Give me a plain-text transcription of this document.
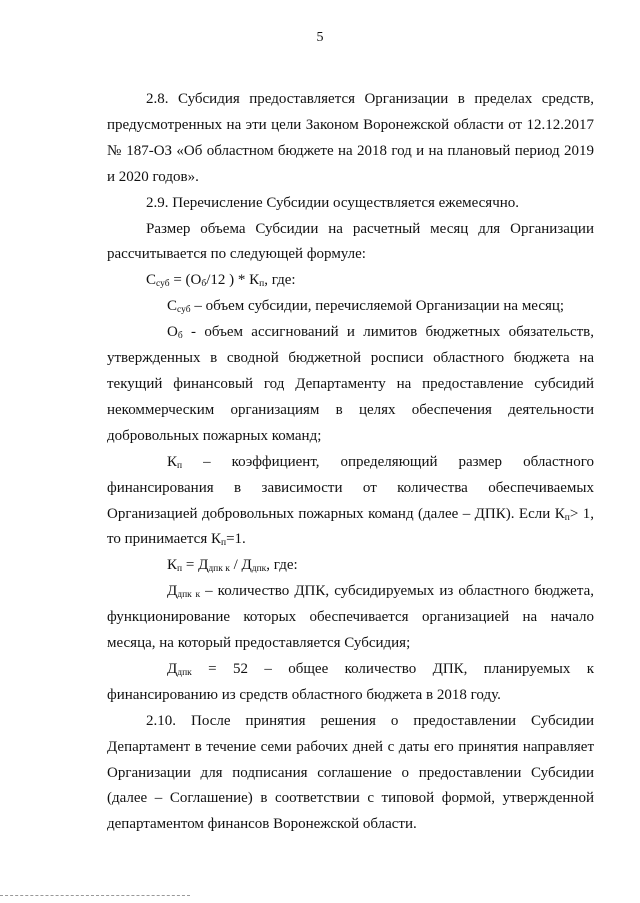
5

2.8. Субсидия предоставляется Организации в пределах средств, предусмотренных на эти цели Законом Воронежской области от 12.12.2017 № 187-ОЗ «Об областном бюджете на 2018 год и на плановый период 2019 и 2020 годов».

2.9. Перечисление Субсидии осуществляется ежемесячно.

Размер объема Субсидии на расчетный месяц для Организации рассчитывается по следующей формуле:

$С_{суб} = (О_б/12$ ) * $К_п$, где:

$С_{суб}$ – объем субсидии, перечисляемой Организации на месяц;

$О_б$ - объем ассигнований и лимитов бюджетных обязательств, утвержденных в сводной бюджетной росписи областного бюджета на текущий финансовый год Департаменту на предоставление субсидий некоммерческим организациям в целях обеспечения деятельности добровольных пожарных команд;

$К_п$ – коэффициент, определяющий размер областного финансирования в зависимости от количества обеспечиваемых Организацией добровольных пожарных команд (далее – ДПК). Если $К_п> 1$, то принимается $К_п=1$.

$К_п = Д_{дпк к} / Д_{дпк}$, где:

$Д_{дпк к}$ – количество ДПК, субсидируемых из областного бюджета, функционирование которых обеспечивается организацией на начало месяца, на который предоставляется Субсидия;

$Д_{дпк} = 52$ – общее количество ДПК, планируемых к финансированию из средств областного бюджета в 2018 году.

2.10. После принятия решения о предоставлении Субсидии Департамент в течение семи рабочих дней с даты его принятия направляет Организации для подписания соглашение о предоставлении Субсидии (далее – Соглашение) в соответствии с типовой формой, утвержденной департаментом финансов Воронежской области.
